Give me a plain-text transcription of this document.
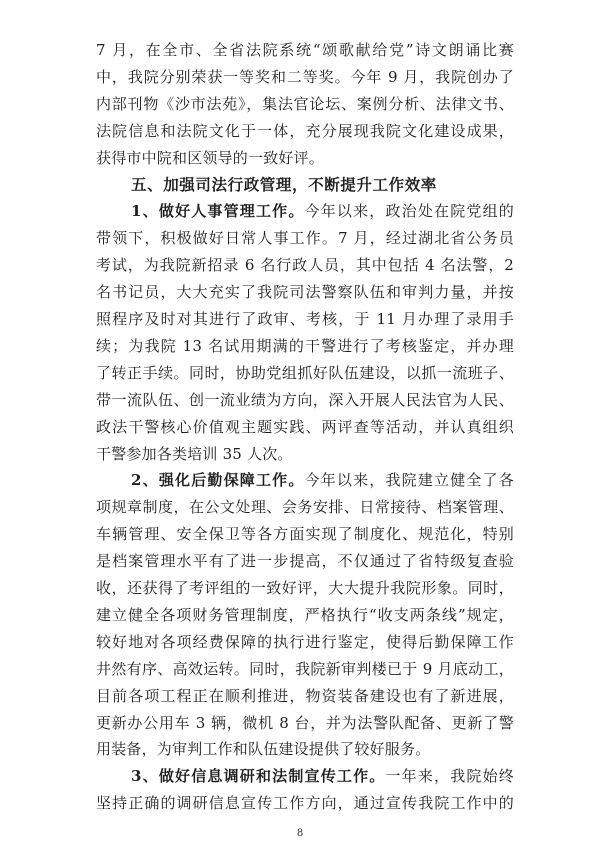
7 月，在全市、全省法院系统“颂歌献给党”诗文朗诵比赛
中，我院分别荣获一等奖和二等奖。今年 9 月，我院创办了
内部刊物《沙市法苑》，集法官论坛、案例分析、法律文书、
法院信息和法院文化于一体，充分展现我院文化建设成果，
获得市中院和区领导的一致好评。
五、加强司法行政管理，不断提升工作效率
1、做好人事管理工作。今年以来，政治处在院党组的
带领下，积极做好日常人事工作。7 月，经过湖北省公务员
考试，为我院新招录 6 名行政人员，其中包括 4 名法警，2
名书记员，大大充实了我院司法警察队伍和审判力量，并按
照程序及时对其进行了政审、考核，于 11 月办理了录用手
续；为我院 13 名试用期满的干警进行了考核鉴定，并办理
了转正手续。同时，协助党组抓好队伍建设，以抓一流班子、
带一流队伍、创一流业绩为方向，深入开展人民法官为人民、
政法干警核心价值观主题实践、两评查等活动，并认真组织
干警参加各类培训 35 人次。
2、强化后勤保障工作。今年以来，我院建立健全了各
项规章制度，在公文处理、会务安排、日常接待、档案管理、
车辆管理、安全保卫等各方面实现了制度化、规范化，特别
是档案管理水平有了进一步提高，不仅通过了省特级复查验
收，还获得了考评组的一致好评，大大提升我院形象。同时，
建立健全各项财务管理制度，严格执行“收支两条线”规定，
较好地对各项经费保障的执行进行鉴定，使得后勤保障工作
井然有序、高效运转。同时，我院新审判楼已于 9 月底动工，
目前各项工程正在顺利推进，物资装备建设也有了新进展，
更新办公用车 3 辆，微机 8 台，并为法警队配备、更新了警
用装备，为审判工作和队伍建设提供了较好服务。
3、做好信息调研和法制宣传工作。一年来，我院始终
坚持正确的调研信息宣传工作方向，通过宣传我院工作中的
8
